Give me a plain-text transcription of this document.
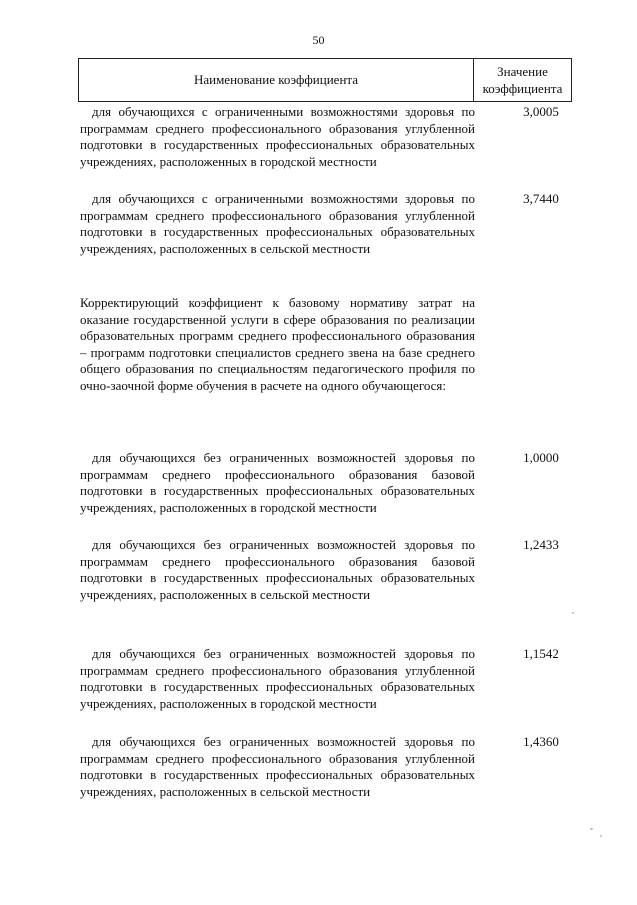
50
Наименование коэффициента
Значение
коэффициента
для обучающихся с ограниченными возможностями здоровья по программам среднего профессионального образования углубленной подготовки в государственных профессиональных образовательных учреждениях, расположенных в городской местности
3,0005
для обучающихся с ограниченными возможностями здоровья по программам среднего профессионального образования углубленной подготовки в государственных профессиональных образовательных учреждениях, расположенных в сельской местности
3,7440
Корректирующий коэффициент к базовому нормативу затрат на оказание государственной услуги в сфере образования по реализации образовательных программ среднего профессионального образования – программ подготовки специалистов среднего звена на базе среднего общего образования по специальностям педагогического профиля по очно-заочной форме обучения в расчете на одного обучающегося:
для обучающихся без ограниченных возможностей здоровья по программам среднего профессионального образования базовой подготовки в государственных профессиональных образовательных учреждениях, расположенных в городской местности
1,0000
для обучающихся без ограниченных возможностей здоровья по программам среднего профессионального образования базовой подготовки в государственных профессиональных образовательных учреждениях, расположенных в сельской местности
1,2433
для обучающихся без ограниченных возможностей здоровья по программам среднего профессионального образования углубленной подготовки в государственных профессиональных образовательных учреждениях, расположенных в городской местности
1,1542
для обучающихся без ограниченных возможностей здоровья по программам среднего профессионального образования углубленной подготовки в государственных профессиональных образовательных учреждениях, расположенных в сельской местности
1,4360
